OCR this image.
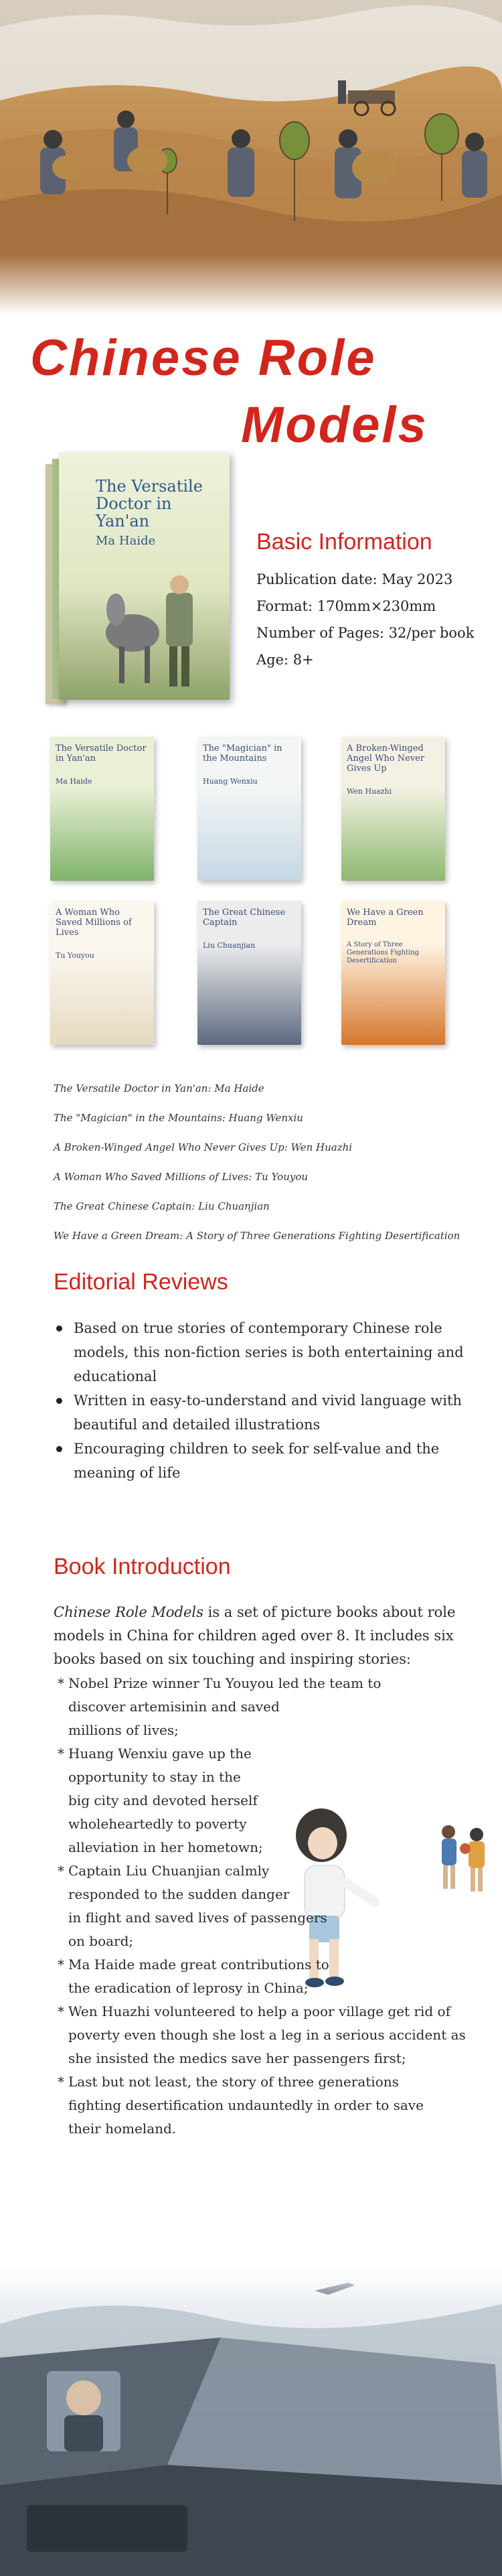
Chinese Role
Models
The Versatile
Doctor in Yan'an
Ma Haide	Basic Information
Publication date: May 2023
Format: 170mm×230mm
Number of Pages: 32/per book
Age: 8+
The Versatile Doctor in Yan'an
Ma Haide
The "Magician" in the Mountains
Huang Wenxiu
A Broken-Winged Angel Who Never Gives Up
Wen Huazhi
A Woman Who Saved Millions of Lives
Tu Youyou
The Great Chinese Captain
Liu Chuanjian
We Have a Green Dream
A Story of Three Generations Fighting Desertification
The Versatile Doctor in Yan'an: Ma Haide
The "Magician" in the Mountains: Huang Wenxiu
A Broken-Winged Angel Who Never Gives Up: Wen Huazhi
A Woman Who Saved Millions of Lives: Tu Youyou
The Great Chinese Captain: Liu Chuanjian
We Have a Green Dream: A Story of Three Generations Fighting Desertification
Editorial Reviews
Based on true stories of contemporary Chinese role models, this non-fiction series is both entertaining and educational
Written in easy-to-understand and vivid language with beautiful and detailed illustrations
Encouraging children to seek for self-value and the meaning of life
Book Introduction
Chinese Role Models is a set of picture books about role models in China for children aged over 8. It includes six books based on six touching and inspiring stories:
* Nobel Prize winner Tu Youyou led the team to
discover artemisinin and saved
millions of lives;
* Huang Wenxiu gave up the
opportunity to stay in the
big city and devoted herself
wholeheartedly to poverty
alleviation in her hometown;
* Captain Liu Chuanjian calmly
responded to the sudden danger
in flight and saved lives of passengers
on board;
* Ma Haide made great contributions to
the eradication of leprosy in China;
* Wen Huazhi volunteered to help a poor village get rid of
poverty even though she lost a leg in a serious accident as
she insisted the medics save her passengers first;
* Last but not least, the story of three generations
fighting desertification undauntedly in order to save
their homeland.
